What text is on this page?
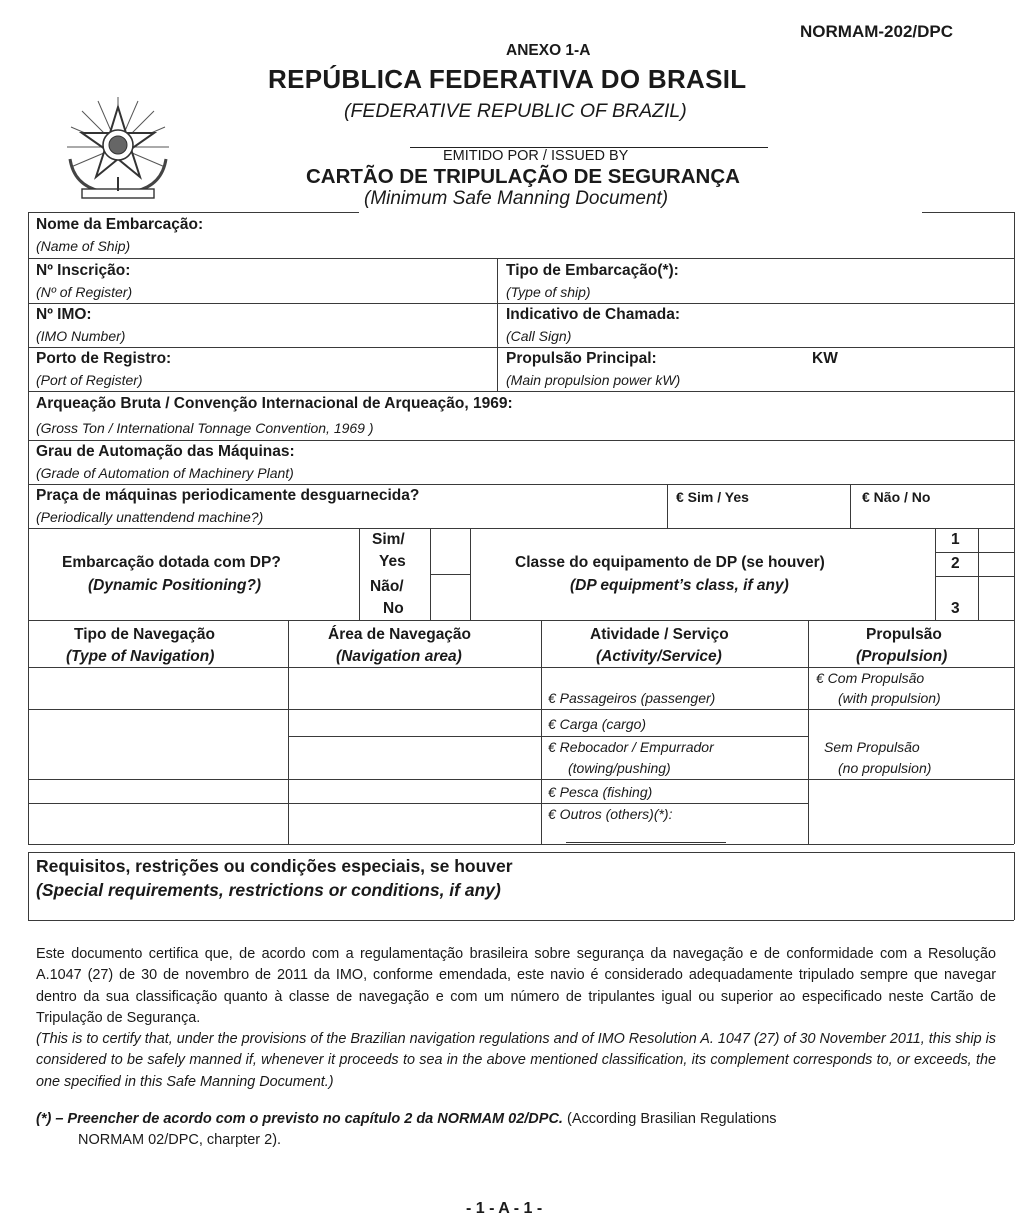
NORMAM-202/DPC
ANEXO 1-A
REPÚBLICA FEDERATIVA DO BRASIL
(FEDERATIVE REPUBLIC OF BRAZIL)
EMITIDO POR / ISSUED BY
CARTÃO DE TRIPULAÇÃO DE SEGURANÇA
(Minimum Safe Manning Document)
Nome da Embarcação:
(Name of Ship)
Nº Inscrição:
(Nº of Register)
Tipo de Embarcação(*):
(Type of ship)
Nº IMO:
(IMO Number)
Indicativo de Chamada:
(Call Sign)
Porto de Registro:
(Port of Register)
Propulsão Principal:	KW
(Main propulsion power kW)
Arqueação Bruta / Convenção Internacional de Arqueação, 1969:
(Gross Ton / International Tonnage Convention, 1969 )
Grau de Automação das Máquinas:
(Grade of Automation of Machinery Plant)
Praça de máquinas periodicamente desguarnecida?
(Periodically unattendend machine?)
€ Sim / Yes	€ Não / No
Embarcação dotada com DP?
(Dynamic Positioning?)
Sim/
Yes
Não/
No
Classe do equipamento de DP (se houver)
(DP equipment’s class, if any)
1
2
3
Tipo de Navegação
(Type of Navigation)
Área de Navegação
(Navigation area)
Atividade / Serviço
(Activity/Service)
Propulsão
(Propulsion)
€ Passageiros (passenger)
€ Carga (cargo)
€ Rebocador / Empurrador
(towing/pushing)
€ Pesca (fishing)
€ Outros (others)(*):
€ Com Propulsão
(with propulsion)
Sem Propulsão
(no propulsion)
Requisitos, restrições ou condições especiais, se houver
(Special requirements, restrictions or conditions, if any)

Este documento certifica que, de acordo com a regulamentação brasileira sobre segurança da navegação e de conformidade com a Resolução A.1047 (27) de 30 de novembro de 2011 da IMO, conforme emendada, este navio é considerado adequadamente tripulado sempre que navegar dentro da sua classificação quanto à classe de navegação e com um número de tripulantes igual ou superior ao especificado neste Cartão de Tripulação de Segurança.

(This is to certify that, under the provisions of the Brazilian navigation regulations and of IMO Resolution A. 1047 (27) of 30 November 2011, this ship is considered to be safely manned if, whenever it proceeds to sea in the above mentioned classification, its complement corresponds to, or exceeds, the one specified in this Safe Manning Document.)

(*) – Preencher de acordo com o previsto no capítulo 2 da NORMAM 02/DPC. (According Brasilian Regulations
NORMAM 02/DPC, charpter 2).
- 1 - A - 1 -
